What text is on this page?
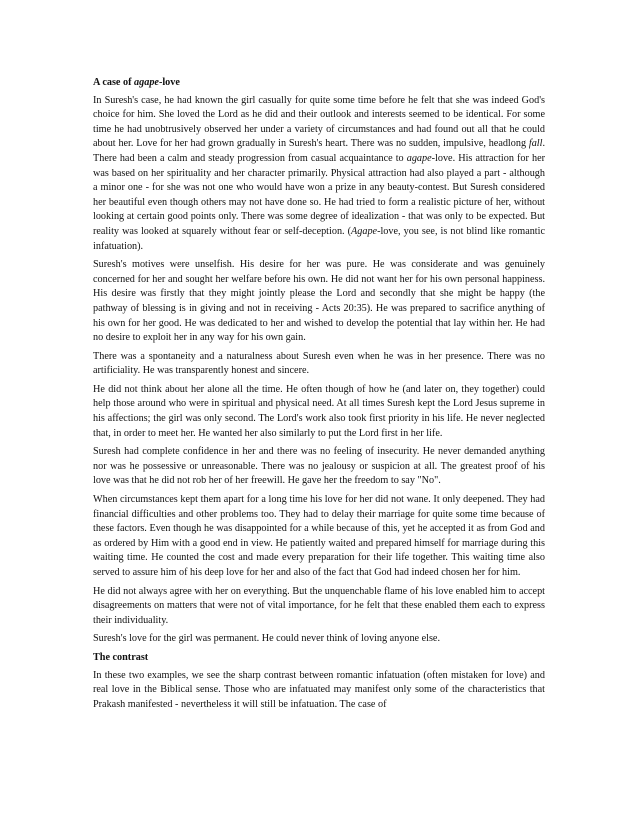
A case of agape-love

In Suresh's case, he had known the girl casually for quite some time before he felt that she was indeed God's choice for him. She loved the Lord as he did and their outlook and interests seemed to be identical. For some time he had unobtrusively observed her under a variety of circumstances and had found out all that he could about her. Love for her had grown gradually in Suresh's heart. There was no sudden, impulsive, headlong fall. There had been a calm and steady progression from casual acquaintance to agape-love. His attraction for her was based on her spirituality and her character primarily. Physical attraction had also played a part - although a minor one - for she was not one who would have won a prize in any beauty-contest. But Suresh considered her beautiful even though others may not have done so. He had tried to form a realistic picture of her, without looking at certain good points only. There was some degree of idealization - that was only to be expected. But reality was looked at squarely without fear or self-deception. (Agape-love, you see, is not blind like romantic infatuation).

Suresh's motives were unselfish. His desire for her was pure. He was considerate and was genuinely concerned for her and sought her welfare before his own. He did not want her for his own personal happiness. His desire was firstly that they might jointly please the Lord and secondly that she might be happy (the pathway of blessing is in giving and not in receiving - Acts 20:35). He was prepared to sacrifice anything of his own for her good. He was dedicated to her and wished to develop the potential that lay within her. He had no desire to exploit her in any way for his own gain.

There was a spontaneity and a naturalness about Suresh even when he was in her presence. There was no artificiality. He was transparently honest and sincere.

He did not think about her alone all the time. He often though of how he (and later on, they together) could help those around who were in spiritual and physical need. At all times Suresh kept the Lord Jesus supreme in his affections; the girl was only second. The Lord's work also took first priority in his life. He never neglected that, in order to meet her. He wanted her also similarly to put the Lord first in her life.

Suresh had complete confidence in her and there was no feeling of insecurity. He never demanded anything nor was he possessive or unreasonable. There was no jealousy or suspicion at all. The greatest proof of his love was that he did not rob her of her freewill. He gave her the freedom to say "No".

When circumstances kept them apart for a long time his love for her did not wane. It only deepened. They had financial difficulties and other problems too. They had to delay their marriage for quite some time because of these factors. Even though he was disappointed for a while because of this, yet he accepted it as from God and as ordered by Him with a good end in view. He patiently waited and prepared himself for marriage during this waiting time. He counted the cost and made every preparation for their life together. This waiting time also served to assure him of his deep love for her and also of the fact that God had indeed chosen her for him.

He did not always agree with her on everything. But the unquenchable flame of his love enabled him to accept disagreements on matters that were not of vital importance, for he felt that these enabled them each to express their individuality.

Suresh's love for the girl was permanent. He could never think of loving anyone else.

The contrast

In these two examples, we see the sharp contrast between romantic infatuation (often mistaken for love) and real love in the Biblical sense. Those who are infatuated may manifest only some of the characteristics that Prakash manifested - nevertheless it will still be infatuation. The case of
